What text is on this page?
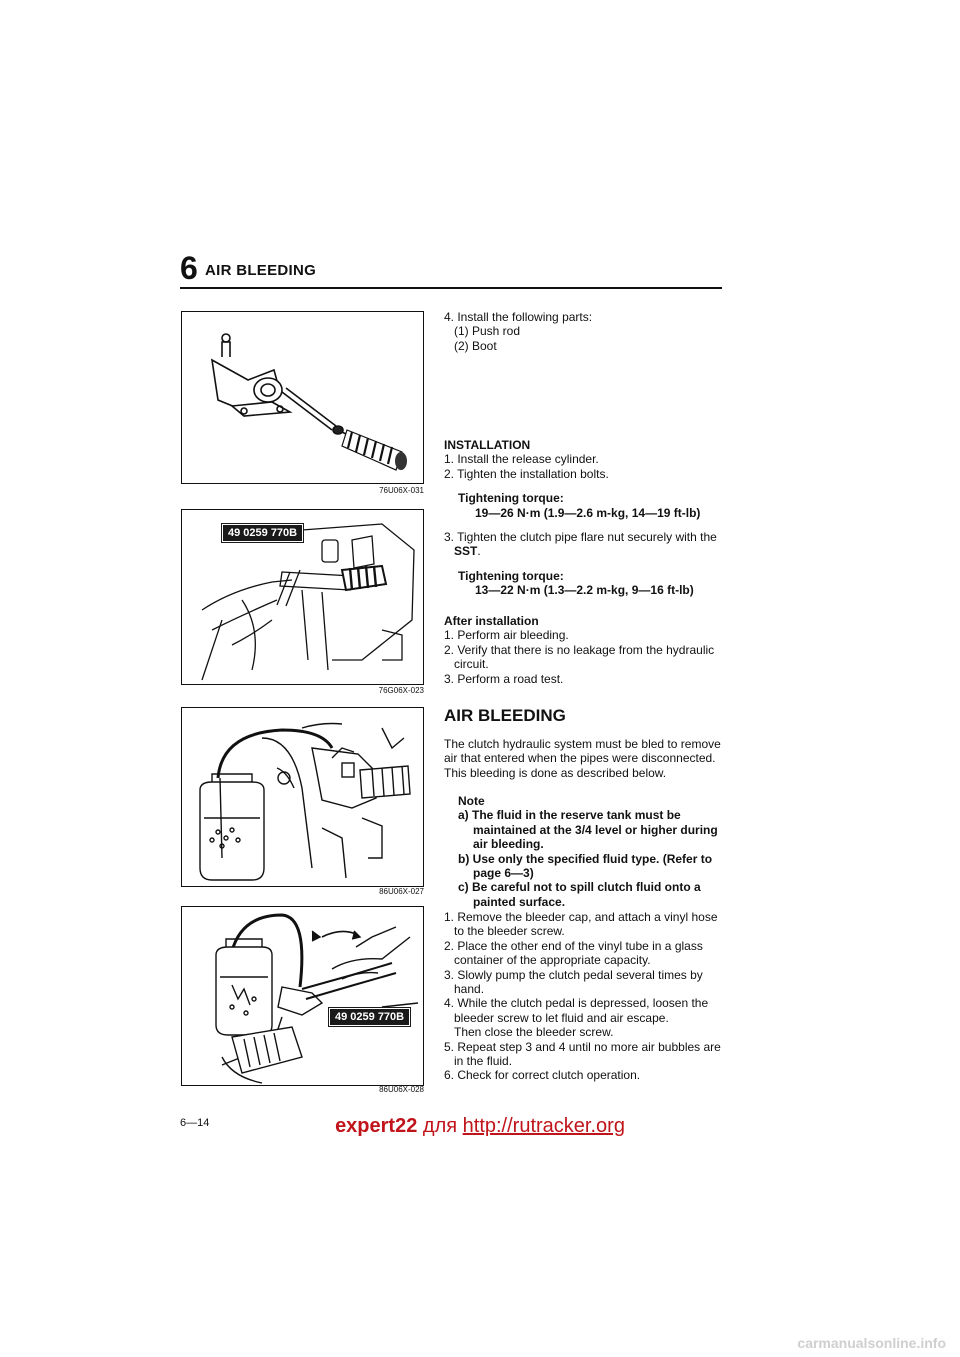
6 AIR BLEEDING
76U06X-031
49 0259 770B
76G06X-023
86U06X-027
49 0259 770B
86U06X-028

4. Install the following parts:

(1) Push rod

(2) Boot

INSTALLATION

1. Install the release cylinder.

2. Tighten the installation bolts.

Tightening torque:

19—26 N·m (1.9—2.6 m-kg, 14—19 ft-lb)

3. Tighten the clutch pipe flare nut securely with the SST.

Tightening torque:

13—22 N·m (1.3—2.2 m-kg, 9—16 ft-lb)

After installation

1. Perform air bleeding.

2. Verify that there is no leakage from the hydraulic circuit.

3. Perform a road test.

AIR BLEEDING

The clutch hydraulic system must be bled to remove air that entered when the pipes were disconnected. This bleeding is done as described below.

Note

a) The fluid in the reserve tank must be maintained at the 3/4 level or higher during air bleeding.

b) Use only the specified fluid type. (Refer to page 6—3)

c) Be careful not to spill clutch fluid onto a painted surface.

1. Remove the bleeder cap, and attach a vinyl hose to the bleeder screw.

2. Place the other end of the vinyl tube in a glass container of the appropriate capacity.

3. Slowly pump the clutch pedal several times by hand.

4. While the clutch pedal is depressed, loosen the bleeder screw to let fluid and air escape.

Then close the bleeder screw.

5. Repeat step 3 and 4 until no more air bubbles are in the fluid.

6. Check for correct clutch operation.

6—14	expert22 для http://rutracker.org
carmanualsonline.info
